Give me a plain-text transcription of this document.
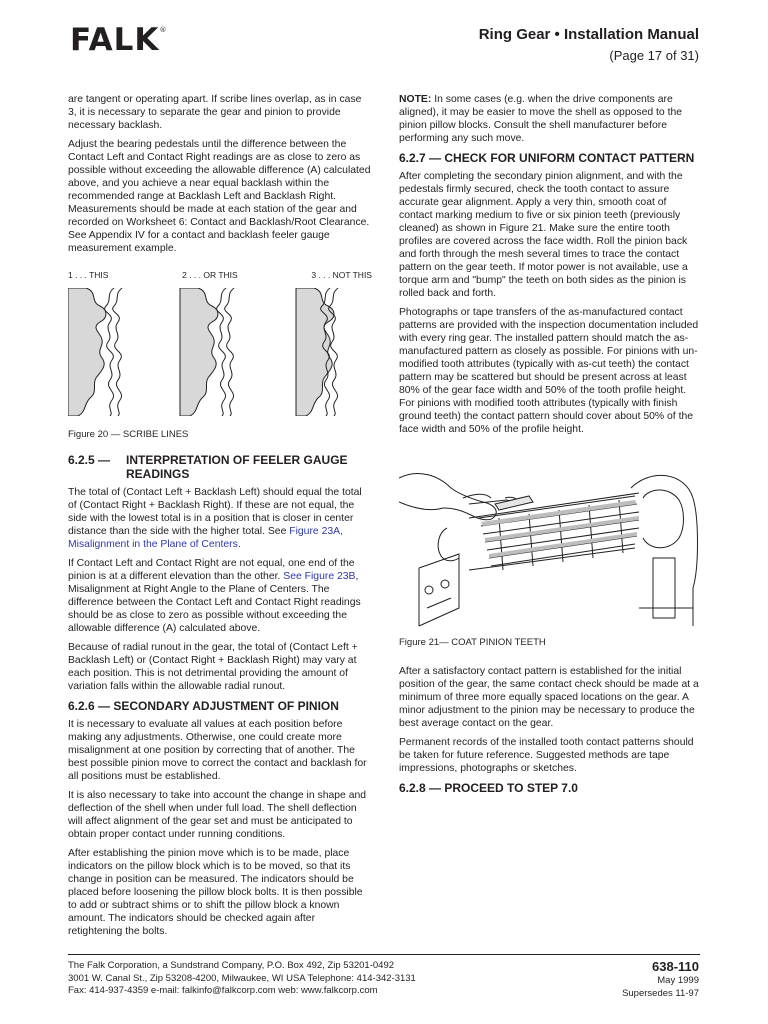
FALK®	Ring Gear • Installation Manual
(Page 17 of 31)

are tangent or operating apart. If scribe lines overlap, as in case 3, it is necessary to separate the gear and pinion to provide necessary backlash.

Adjust the bearing pedestals until the difference between the Contact Left and Contact Right readings are as close to zero as possible without exceeding the allowable difference (A) calculated above, and you achieve a near equal backlash within the recommended range at Backlash Left and Backlash Right. Measurements should be made at each station of the gear and recorded on Worksheet 6: Contact and Backlash/Root Clearance. See Appendix IV for a contact and backlash feeler gauge measurement example.

1 . . . THIS	2 . . . OR THIS	3 . . . NOT THIS

Figure 20 — SCRIBE LINES

6.2.5 —	INTERPRETATION OF FEELER GAUGE READINGS

The total of (Contact Left + Backlash Left) should equal the total of (Contact Right + Backlash Right). If these are not equal, the side with the lowest total is in a position that is closer in center distance than the side with the higher total. See Figure 23A, Misalignment in the Plane of Centers.

If Contact Left and Contact Right are not equal, one end of the pinion is at a different elevation than the other. See Figure 23B, Misalignment at Right Angle to the Plane of Centers. The difference between the Contact Left and Contact Right readings should be as close to zero as possible without exceeding the allowable difference (A) calculated above.

Because of radial runout in the gear, the total of (Contact Left + Backlash Left) or (Contact Right + Backlash Right) may vary at each position. This is not detrimental providing the amount of variation falls within the allowable radial runout.

6.2.6 — SECONDARY ADJUSTMENT OF PINION

It is necessary to evaluate all values at each position before making any adjustments. Otherwise, one could create more misalignment at one position by correcting that of another. The best possible pinion move to correct the contact and backlash for all positions must be established.

It is also necessary to take into account the change in shape and deflection of the shell when under full load. The shell deflection will affect alignment of the gear set and must be anticipated to obtain proper contact under running conditions.

After establishing the pinion move which is to be made, place indicators on the pillow block which is to be moved, so that its change in position can be measured. The indicators should be placed before loosening the pillow block bolts. It is then possible to add or subtract shims or to shift the pillow block a known amount. The indicators should be checked again after retightening the bolts.

NOTE: In some cases (e.g. when the drive components are aligned), it may be easier to move the shell as opposed to the pinion pillow blocks. Consult the shell manufacturer before performing any such move.

6.2.7 — CHECK FOR UNIFORM CONTACT PATTERN

After completing the secondary pinion alignment, and with the pedestals firmly secured, check the tooth contact to assure accurate gear alignment. Apply a very thin, smooth coat of contact marking medium to five or six pinion teeth (previously cleaned) as shown in Figure 21. Make sure the entire tooth profiles are covered across the face width. Roll the pinion back and forth through the mesh several times to trace the contact pattern on the gear teeth. If motor power is not available, use a torque arm and "bump" the teeth on both sides as the pinion is rolled back and forth.

Photographs or tape transfers of the as-manufactured contact patterns are provided with the inspection documentation included with every ring gear. The installed pattern should match the as-manufactured pattern as closely as possible. For pinions with un-modified tooth attributes (typically with as-cut teeth) the contact pattern may be scattered but should be present across at least 80% of the gear face width and 50% of the tooth profile height. For pinions with modified tooth attributes (typically with finish ground teeth) the contact pattern should cover about 50% of the face width and 50% of the profile height.

Figure 21— COAT PINION TEETH

After a satisfactory contact pattern is established for the initial position of the gear, the same contact check should be made at a minimum of three more equally spaced locations on the gear. A minor adjustment to the pinion may be necessary to produce the best average contact on the gear.

Permanent records of the installed tooth contact patterns should be taken for future reference. Suggested methods are tape impressions, photographs or sketches.

6.2.8 — PROCEED TO STEP 7.0
The Falk Corporation, a Sundstrand Company, P.O. Box 492, Zip 53201-0492
3001 W. Canal St., Zip 53208-4200, Milwaukee, WI USA Telephone: 414-342-3131
Fax: 414-937-4359 e-mail: falkinfo@falkcorp.com web: www.falkcorp.com
638-110
May 1999
Supersedes 11-97
